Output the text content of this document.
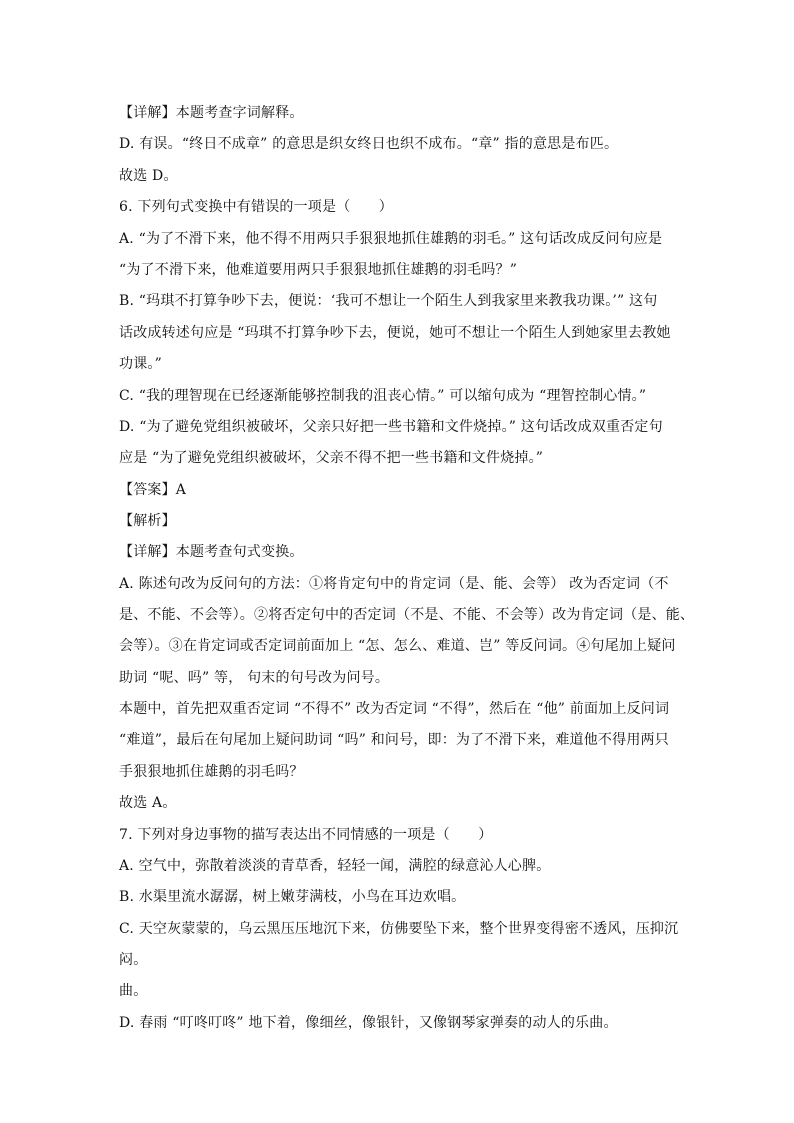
【详解】本题考查字词解释。
D. 有误。“终日不成章” 的意思是织女终日也织不成布。“章” 指的意思是布匹。
故选 D。
6. 下列句式变换中有错误的一项是（　　）
A. “为了不滑下来，他不得不用两只手狠狠地抓住雄鹅的羽毛。” 这句话改成反问句应是
“为了不滑下来，他难道要用两只手狠狠地抓住雄鹅的羽毛吗？”
B. “玛琪不打算争吵下去，便说：‘我可不想让一个陌生人到我家里来教我功课。’” 这句
话改成转述句应是 “玛琪不打算争吵下去，便说，她可不想让一个陌生人到她家里去教她
功课。”
C. “我的理智现在已经逐渐能够控制我的沮丧心情。” 可以缩句成为 “理智控制心情。”
D. “为了避免党组织被破坏，父亲只好把一些书籍和文件烧掉。” 这句话改成双重否定句
应是 “为了避免党组织被破坏，父亲不得不把一些书籍和文件烧掉。”
【答案】A
【解析】
【详解】本题考查句式变换。
A. 陈述句改为反问句的方法：①将肯定句中的肯定词（是、能、会等） 改为否定词（不
是、不能、不会等）。②将否定句中的否定词（不是、不能、不会等）改为肯定词（是、能、
会等）。③在肯定词或否定词前面加上 “怎、怎么、难道、岂” 等反问词。④句尾加上疑问
助词 “呢、吗” 等， 句末的句号改为问号。
本题中，首先把双重否定词 “不得不” 改为否定词 “不得”，然后在 “他” 前面加上反问词
“难道”，最后在句尾加上疑问助词 “吗” 和问号，即：为了不滑下来，难道他不得用两只
手狠狠地抓住雄鹅的羽毛吗？
故选 A。
7. 下列对身边事物的描写表达出不同情感的一项是（　　）
A. 空气中，弥散着淡淡的青草香，轻轻一闻，满腔的绿意沁人心脾。
B. 水渠里流水潺潺，树上嫩芽满枝，小鸟在耳边欢唱。
C. 天空灰蒙蒙的，乌云黑压压地沉下来，仿佛要坠下来，整个世界变得密不透风，压抑沉
闷。
曲。
D. 春雨 “叮咚叮咚” 地下着，像细丝，像银针，又像钢琴家弹奏的动人的乐曲。
